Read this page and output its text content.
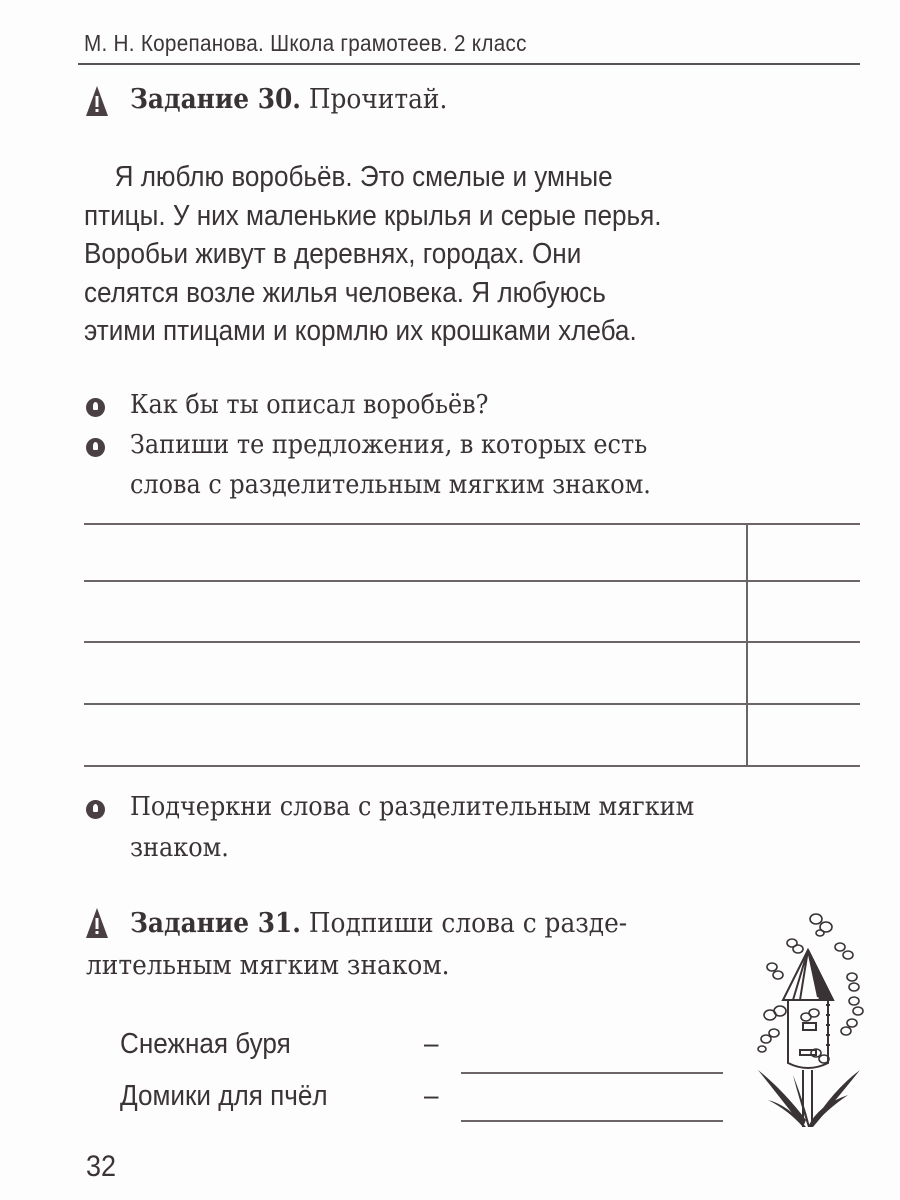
М. Н. Корепанова. Школа грамотеев. 2 класс
Задание 30. Прочитай.
Я люблю воробьёв. Это смелые и умные
птицы. У них маленькие крылья и серые перья.
Воробьи живут в деревнях, городах. Они
селятся возле жилья человека. Я любуюсь
этими птицами и кормлю их крошками хлеба.
Как бы ты описал воробьёв?
Запиши те предложения, в которых есть
слова с разделительным мягким знаком.
Подчеркни слова с разделительным мягким
знаком.
Задание 31. Подпиши слова с разде-
лительным мягким знаком.
Снежная буря	–
Домики для пчёл	–
32
